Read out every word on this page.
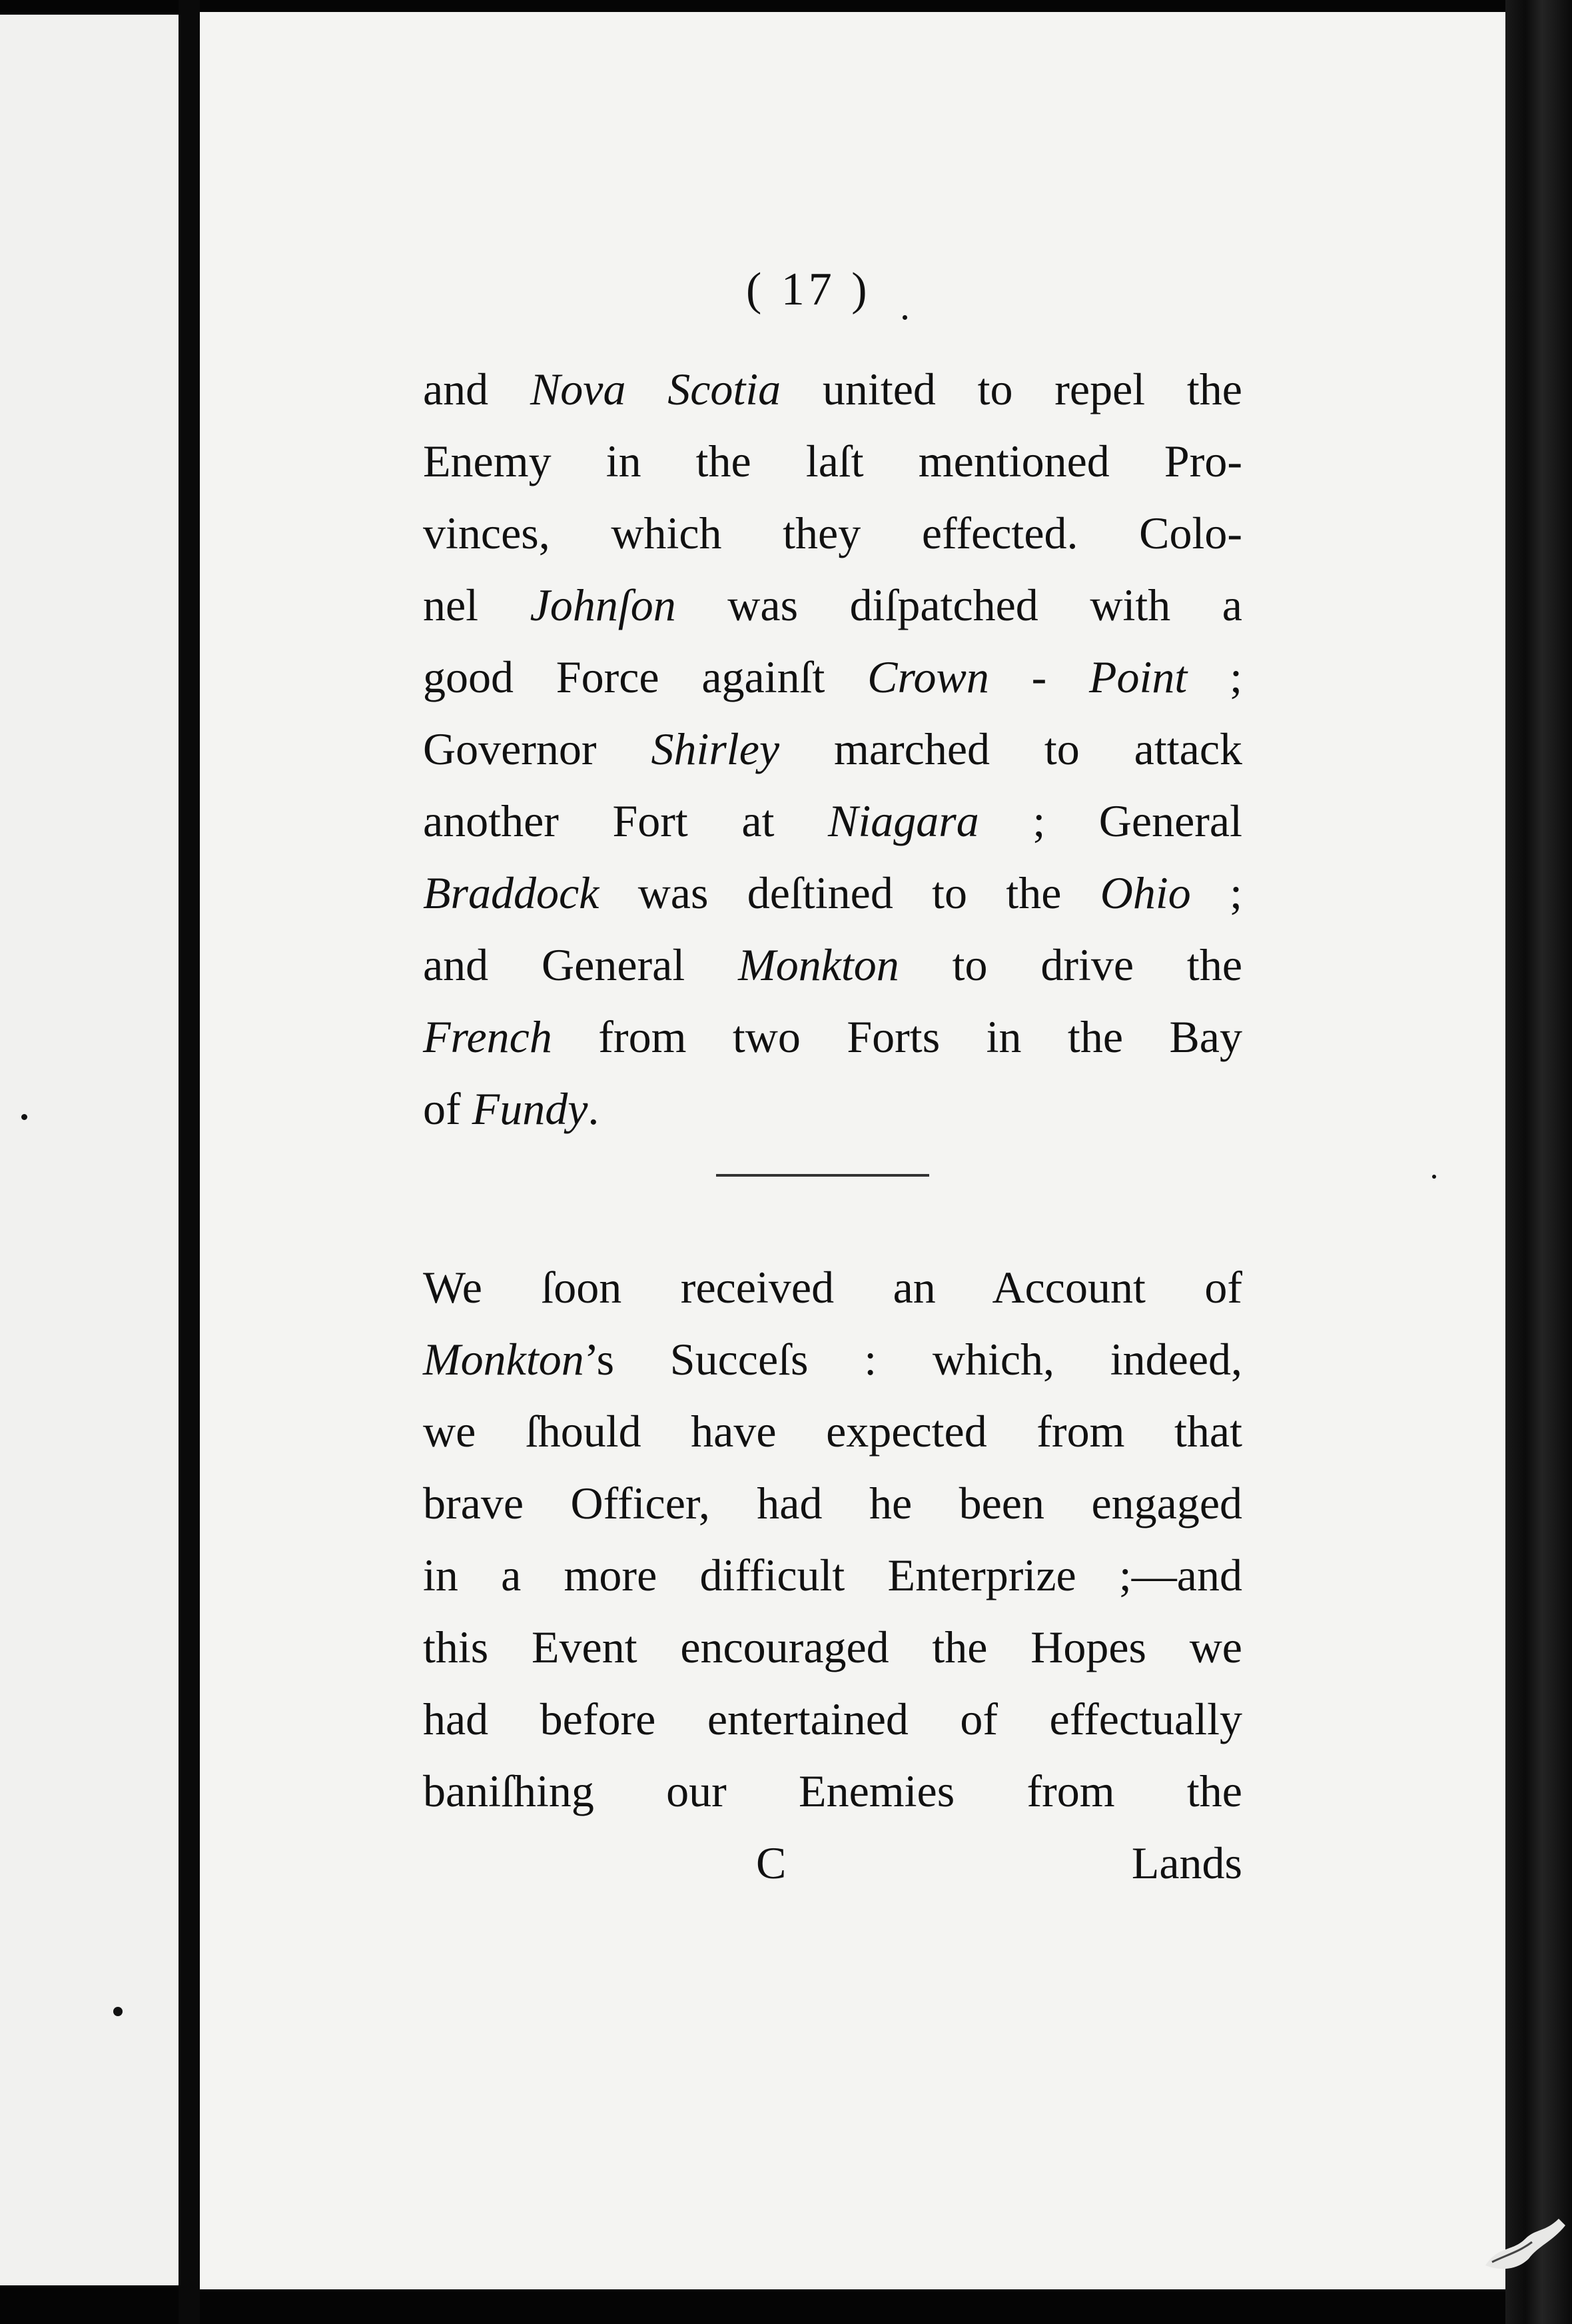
( 17 )
and Nova Scotia united to repel the
Enemy in the laſt mentioned Pro-
vinces, which they effected. Colo-
nel Johnſon was diſpatched with a
good Force againſt Crown - Point ;
Governor Shirley marched to attack
another Fort at Niagara ; General
Braddock was deſtined to the Ohio ;
and General Monkton to drive the
French from two Forts in the Bay
of Fundy.
We ſoon received an Account of
Monkton’s Succeſs : which, indeed,
we ſhould have expected from that
brave Officer, had he been engaged
in a more difficult Enterprize ;—and
this Event encouraged the Hopes we
had before entertained of effectually
baniſhing our Enemies from the
C	Lands
